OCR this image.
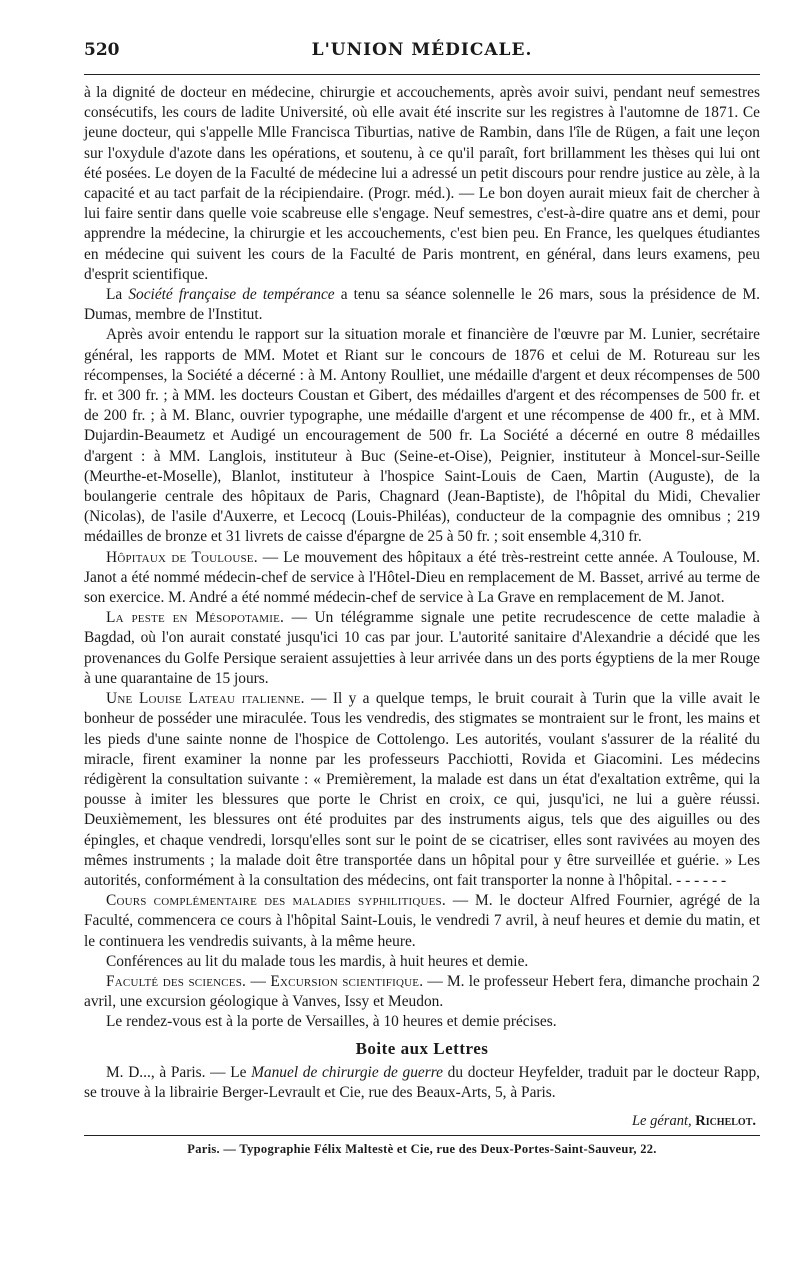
520	L'UNION MÉDICALE.

à la dignité de docteur en médecine, chirurgie et accouchements, après avoir suivi, pendant neuf semestres consécutifs, les cours de ladite Université, où elle avait été inscrite sur les registres à l'automne de 1871. Ce jeune docteur, qui s'appelle Mlle Francisca Tiburtias, native de Rambin, dans l'île de Rügen, a fait une leçon sur l'oxydule d'azote dans les opérations, et soutenu, à ce qu'il paraît, fort brillamment les thèses qui lui ont été posées. Le doyen de la Faculté de médecine lui a adressé un petit discours pour rendre justice au zèle, à la capacité et au tact parfait de la récipiendaire. (Progr. méd.). — Le bon doyen aurait mieux fait de chercher à lui faire sentir dans quelle voie scabreuse elle s'engage. Neuf semestres, c'est-à-dire quatre ans et demi, pour apprendre la médecine, la chirurgie et les accouchements, c'est bien peu. En France, les quelques étudiantes en médecine qui suivent les cours de la Faculté de Paris montrent, en général, dans leurs examens, peu d'esprit scientifique.

La Société française de tempérance a tenu sa séance solennelle le 26 mars, sous la présidence de M. Dumas, membre de l'Institut.

Après avoir entendu le rapport sur la situation morale et financière de l'œuvre par M. Lunier, secrétaire général, les rapports de MM. Motet et Riant sur le concours de 1876 et celui de M. Rotureau sur les récompenses, la Société a décerné : à M. Antony Roulliet, une médaille d'argent et deux récompenses de 500 fr. et 300 fr. ; à MM. les docteurs Coustan et Gibert, des médailles d'argent et des récompenses de 500 fr. et de 200 fr. ; à M. Blanc, ouvrier typographe, une médaille d'argent et une récompense de 400 fr., et à MM. Dujardin-Beaumetz et Audigé un encouragement de 500 fr. La Société a décerné en outre 8 médailles d'argent : à MM. Langlois, instituteur à Buc (Seine-et-Oise), Peignier, instituteur à Moncel-sur-Seille (Meurthe-et-Moselle), Blanlot, instituteur à l'hospice Saint-Louis de Caen, Martin (Auguste), de la boulangerie centrale des hôpitaux de Paris, Chagnard (Jean-Baptiste), de l'hôpital du Midi, Chevalier (Nicolas), de l'asile d'Auxerre, et Lecocq (Louis-Philéas), conducteur de la compagnie des omnibus ; 219 médailles de bronze et 31 livrets de caisse d'épargne de 25 à 50 fr. ; soit ensemble 4,310 fr.

Hôpitaux de Toulouse. — Le mouvement des hôpitaux a été très-restreint cette année. A Toulouse, M. Janot a été nommé médecin-chef de service à l'Hôtel-Dieu en remplacement de M. Basset, arrivé au terme de son exercice. M. André a été nommé médecin-chef de service à La Grave en remplacement de M. Janot.

La peste en Mésopotamie. — Un télégramme signale une petite recrudescence de cette maladie à Bagdad, où l'on aurait constaté jusqu'ici 10 cas par jour. L'autorité sanitaire d'Alexandrie a décidé que les provenances du Golfe Persique seraient assujetties à leur arrivée dans un des ports égyptiens de la mer Rouge à une quarantaine de 15 jours.

Une Louise Lateau italienne. — Il y a quelque temps, le bruit courait à Turin que la ville avait le bonheur de posséder une miraculée. Tous les vendredis, des stigmates se montraient sur le front, les mains et les pieds d'une sainte nonne de l'hospice de Cottolengo. Les autorités, voulant s'assurer de la réalité du miracle, firent examiner la nonne par les professeurs Pacchiotti, Rovida et Giacomini. Les médecins rédigèrent la consultation suivante : « Premièrement, la malade est dans un état d'exaltation extrême, qui la pousse à imiter les blessures que porte le Christ en croix, ce qui, jusqu'ici, ne lui a guère réussi. Deuxièmement, les blessures ont été produites par des instruments aigus, tels que des aiguilles ou des épingles, et chaque vendredi, lorsqu'elles sont sur le point de se cicatriser, elles sont ravivées au moyen des mêmes instruments ; la malade doit être transportée dans un hôpital pour y être surveillée et guérie. » Les autorités, conformément à la consultation des médecins, ont fait transporter la nonne à l'hôpital. - - - - - -

Cours complémentaire des maladies syphilitiques. — M. le docteur Alfred Fournier, agrégé de la Faculté, commencera ce cours à l'hôpital Saint-Louis, le vendredi 7 avril, à neuf heures et demie du matin, et le continuera les vendredis suivants, à la même heure.

Conférences au lit du malade tous les mardis, à huit heures et demie.

Faculté des sciences. — Excursion scientifique. — M. le professeur Hebert fera, dimanche prochain 2 avril, une excursion géologique à Vanves, Issy et Meudon.

Le rendez-vous est à la porte de Versailles, à 10 heures et demie précises.

Boite aux Lettres

M. D..., à Paris. — Le Manuel de chirurgie de guerre du docteur Heyfelder, traduit par le docteur Rapp, se trouve à la librairie Berger-Levrault et Cie, rue des Beaux-Arts, 5, à Paris.

Le gérant, Richelot.
Paris. — Typographie Félix Maltestè et Cie, rue des Deux-Portes-Saint-Sauveur, 22.
